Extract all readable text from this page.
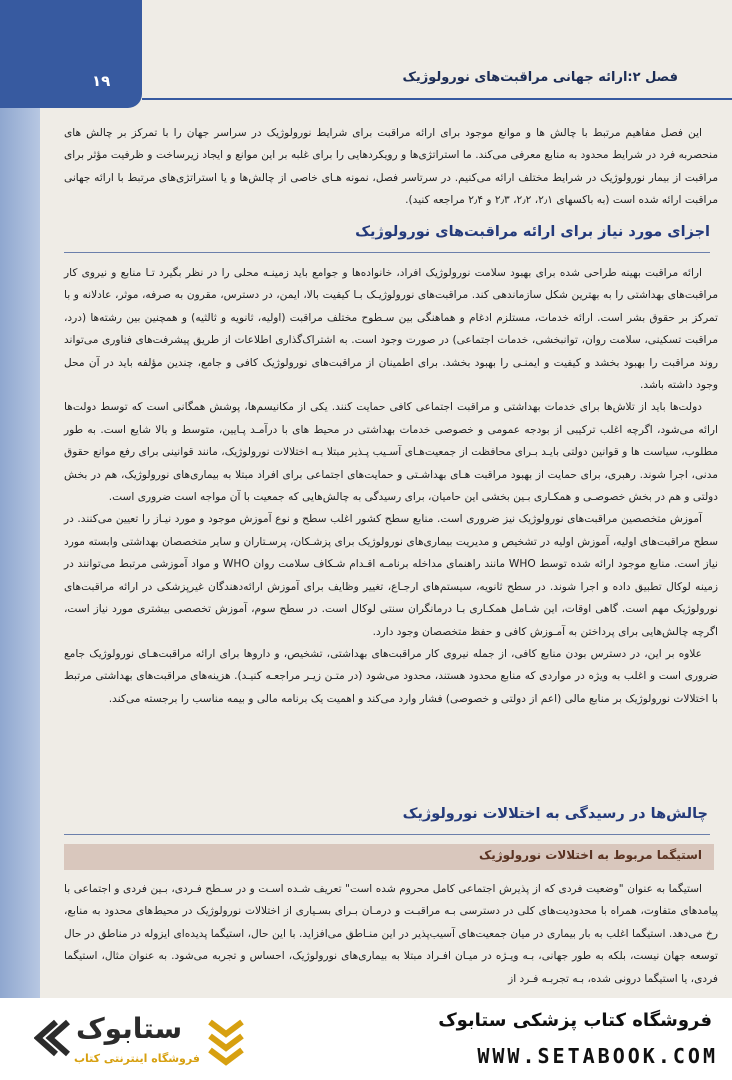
۱۹	فصل ۲:ارائه جهانی مراقبت‌های نورولوژیک

این فصل مفاهیم مرتبط با چالش ها و موانع موجود برای ارائه مراقبت برای شرایط نورولوژیک در سراسر جهان را با تمرکز بر چالش های منحصربه فرد در شرایط محدود به منابع معرفی می‌کند. ما استراتژی‌ها و رویکردهایی را برای غلبه بر این موانع و ایجاد زیرساخت و ظرفیت مؤثر برای مراقبت از بیمار نورولوژیک در شرایط مختلف ارائه می‌کنیم. در سرتاسر فصل، نمونه هـای خاصی از چالش‌ها و یا استراتژی‌های مرتبط با ارائه جهانی مراقبت ارائه شده است (به باکسهای ۲٫۱، ۲٫۲، ۲٫۳ و ۲٫۴ مراجعه کنید).

اجزای مورد نیاز برای ارائه مراقبت‌های نورولوژیک

ارائه مراقبت بهینه طراحی شده برای بهبود سلامت نورولوژیک افراد، خانواده‌ها و جوامع باید زمینـه محلی را در نظر بگیرد تـا منابع و نیروی کار مراقبت‌های بهداشتی را به بهترین شکل سازماندهی کند. مراقبت‌های نورولوژیـک بـا کیفیت بالا، ایمن، در دسترس، مقرون به صرفه، موثر، عادلانه و با تمرکز بر حقوق بشر است. ارائه خدمات، مستلزم ادغام و هماهنگی بین سـطوح مختلف مراقبت (اولیه، ثانویه و ثالثیه) و همچنین بین رشته‌ها (درد، مراقبت تسکینی، سلامت روان، توانبخشی، خدمات اجتماعی) در صورت وجود است. به اشتراک‌گذاری اطلاعات از طریق پیشرفت‌های فناوری می‌تواند روند مراقبت را بهبود بخشد و کیفیت و ایمنـی را بهبود بخشد. برای اطمینان از مراقبت‌های نورولوژیک کافی و جامع، چندین مؤلفه باید در آن محل وجود داشته باشد.

دولت‌ها باید از تلاش‌ها برای خدمات بهداشتی و مراقبت اجتماعی کافی حمایت کنند. یکی از مکانیسم‌ها، پوشش همگانی است که توسط دولت‌ها ارائه می‌شود، اگرچه اغلب ترکیبی از بودجه عمومی و خصوصی خدمات بهداشتی در محیط های با درآمـد پـایین، متوسط و بالا شایع است. به طور مطلوب، سیاست ها و قوانین دولتی بایـد بـرای محافظت از جمعیت‌هـای آسـیب پـذیر مبتلا بـه اختلالات نورولوژیک، مانند قوانینی برای رفع موانع حقوق مدنی، اجرا شوند. رهبری، برای حمایت از بهبود مراقبت هـای بهداشـتی و حمایت‌های اجتماعی برای افراد مبتلا به بیماری‌های نورولوژیک، هم در بخش دولتی و هم در بخش خصوصـی و همکـاری بـین بخشی این حامیان، برای رسیدگی به چالش‌هایی که جمعیت با آن مواجه است ضروری است.

آموزش متخصصین مراقبت‌های نورولوژیک نیز ضروری است. منابع سطح کشور اغلب سطح و نوع آموزش موجود و مورد نیـاز را تعیین می‌کنند. در سطح مراقبت‌های اولیه، آموزش اولیه در تشخیص و مدیریت بیماری‌های نورولوژیک برای پزشـکان، پرسـتاران و سایر متخصصان بهداشتی وابسته مورد نیاز است. منابع موجود ارائه شده توسط WHO مانند راهنمای مداخله برنامـه اقـدام شـکاف سلامت روان WHO و مواد آموزشی مرتبط می‌توانند در زمینه لوکال تطبیق داده و اجرا شوند. در سطح ثانویه، سیستم‌های ارجـاع، تغییر وظایف برای آموزش ارائه‌دهندگان غیرپزشکی در ارائه مراقبت‌های نورولوژیک مهم است. گاهی اوقات، این شـامل همکـاری بـا درمانگران سنتی لوکال است. در سطح سوم، آموزش تخصصی بیشتری مورد نیاز است، اگرچه چالش‌هایی برای پرداختن به آمـوزش کافی و حفظ متخصصان وجود دارد.

علاوه بر این، در دسترس بودن منابع کافی، از جمله نیروی کار مراقبت‌های بهداشتی، تشخیص، و داروها برای ارائه مراقبت‌هـای نورولوژیک جامع ضروری است و اغلب به ویژه در مواردی که منابع محدود هستند، محدود می‌شود (در متـن زیـر مراجعـه کنیـد). هزینه‌های مراقبت‌های بهداشتی مرتبط با اختلالات نورولوژیک بر منابع مالی (اعم از دولتی و خصوصی) فشار وارد می‌کند و اهمیت یک برنامه مالی و بیمه مناسب را برجسته می‌کند.

چالش‌ها در رسیدگی به اختلالات نورولوژیک
استیگما مربوط به اختلالات نورولوژیک

استیگما به عنوان "وضعیت فردی که از پذیرش اجتماعی کامل محروم شده است" تعریف شـده اسـت و در سـطح فـردی، بـین فردی و اجتماعی با پیامدهای متفاوت، همراه با محدودیت‌های کلی در دسترسی بـه مراقبـت و درمـان بـرای بسـیاری از اختلالات نورولوژیک در محیط‌های محدود به منابع، رخ می‌دهد. استیگما اغلب به بار بیماری در میان جمعیت‌های آسیب‌پذیر در این منـاطق می‌افزاید. با این حال، استیگما پدیده‌ای ایزوله در مناطق در حال توسعه جهان نیست، بلکه به طور جهانی، بـه ویـژه در میـان افـراد مبتلا به بیماری‌های نورولوژیک، احساس و تجربه می‌شود. به عنوان مثال، استیگما فردی، یا استیگما درونی شده، بـه تجربـه فـرد از

ستابوک
فروشگاه اینترنتی کتاب
فروشگاه کتاب پزشکی ستابوک
WWW.SETABOOK.COM
